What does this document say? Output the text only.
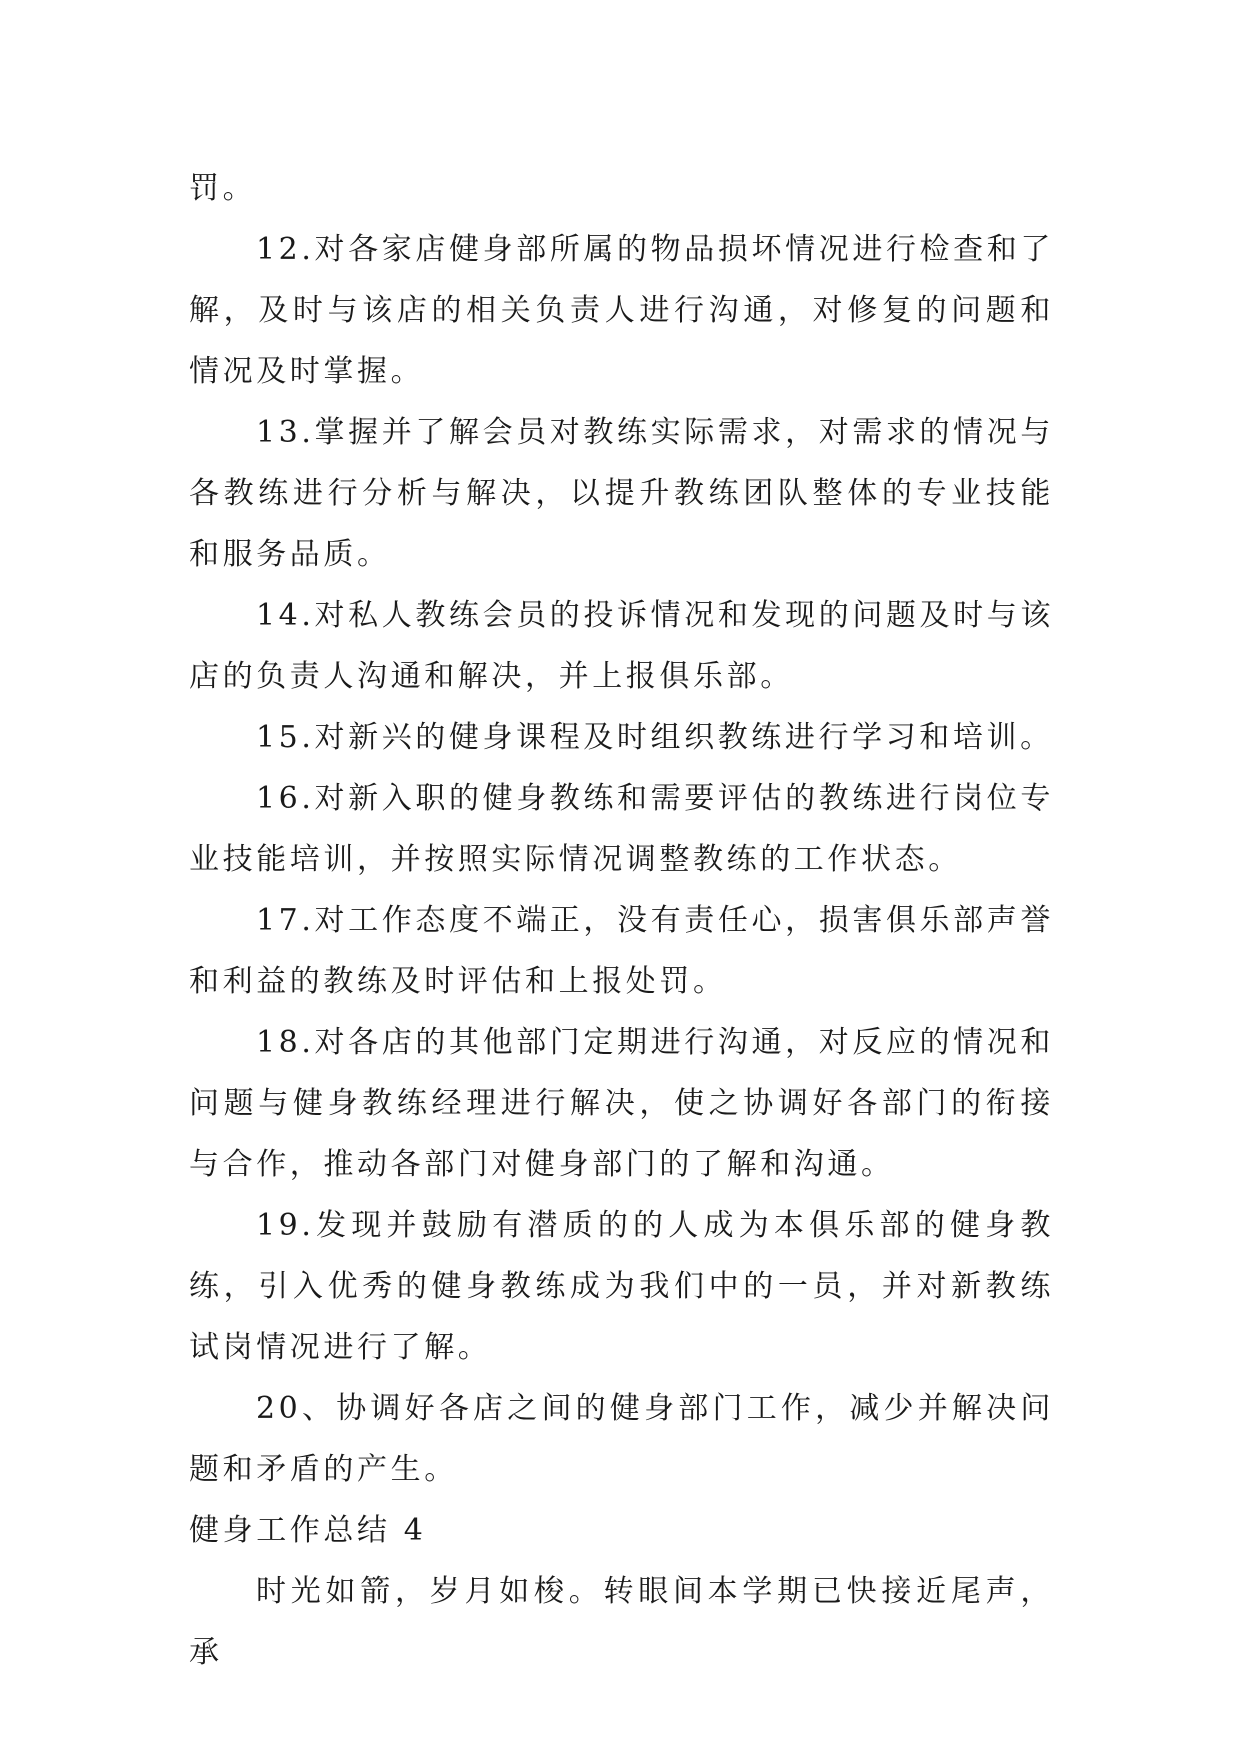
罚。

12.对各家店健身部所属的物品损坏情况进行检查和了解，及时与该店的相关负责人进行沟通，对修复的问题和情况及时掌握。

13.掌握并了解会员对教练实际需求，对需求的情况与各教练进行分析与解决，以提升教练团队整体的专业技能和服务品质。

14.对私人教练会员的投诉情况和发现的问题及时与该店的负责人沟通和解决，并上报俱乐部。

15.对新兴的健身课程及时组织教练进行学习和培训。

16.对新入职的健身教练和需要评估的教练进行岗位专业技能培训，并按照实际情况调整教练的工作状态。

17.对工作态度不端正，没有责任心，损害俱乐部声誉和利益的教练及时评估和上报处罚。

18.对各店的其他部门定期进行沟通，对反应的情况和问题与健身教练经理进行解决，使之协调好各部门的衔接与合作，推动各部门对健身部门的了解和沟通。

19.发现并鼓励有潜质的的人成为本俱乐部的健身教练，引入优秀的健身教练成为我们中的一员，并对新教练试岗情况进行了解。

20、协调好各店之间的健身部门工作，减少并解决问题和矛盾的产生。

健身工作总结 4

时光如箭，岁月如梭。转眼间本学期已快接近尾声，承
